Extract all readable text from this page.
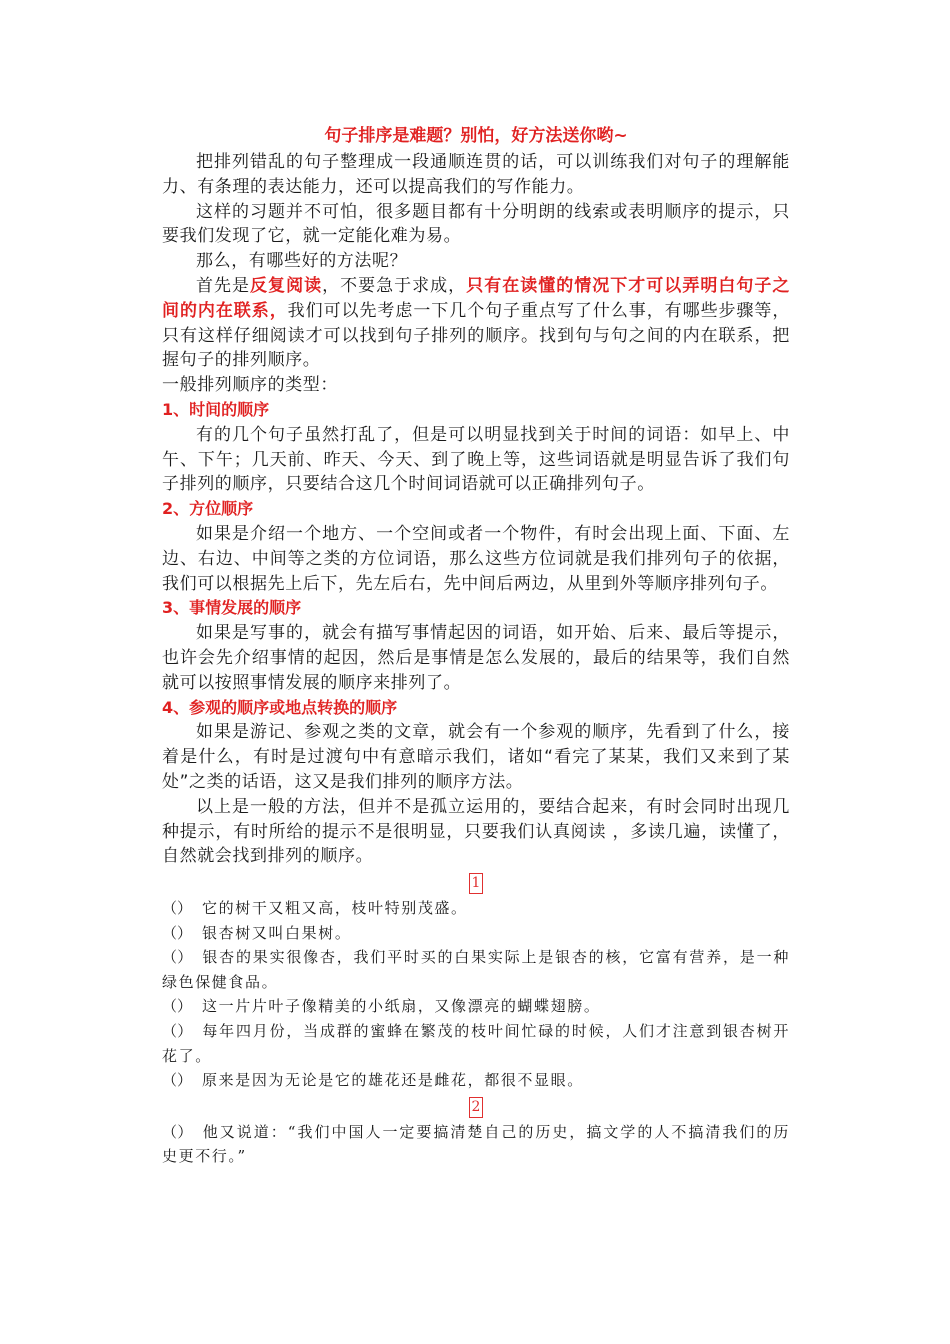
句子排序是难题？别怕，好方法送你哟~

把排列错乱的句子整理成一段通顺连贯的话，可以训练我们对句子的理解能力、有条理的表达能力，还可以提高我们的写作能力。

这样的习题并不可怕，很多题目都有十分明朗的线索或表明顺序的提示，只要我们发现了它，就一定能化难为易。

那么，有哪些好的方法呢？

首先是反复阅读，不要急于求成，只有在读懂的情况下才可以弄明白句子之间的内在联系，我们可以先考虑一下几个句子重点写了什么事，有哪些步骤等，只有这样仔细阅读才可以找到句子排列的顺序。找到句与句之间的内在联系，把握句子的排列顺序。

一般排列顺序的类型：

1、时间的顺序

有的几个句子虽然打乱了，但是可以明显找到关于时间的词语：如早上、中午、下午；几天前、昨天、今天、到了晚上等，这些词语就是明显告诉了我们句子排列的顺序，只要结合这几个时间词语就可以正确排列句子。

2、方位顺序

如果是介绍一个地方、一个空间或者一个物件，有时会出现上面、下面、左边、右边、中间等之类的方位词语，那么这些方位词就是我们排列句子的依据，我们可以根据先上后下，先左后右，先中间后两边，从里到外等顺序排列句子。

3、事情发展的顺序

如果是写事的，就会有描写事情起因的词语，如开始、后来、最后等提示，也许会先介绍事情的起因，然后是事情是怎么发展的，最后的结果等，我们自然就可以按照事情发展的顺序来排列了。

4、参观的顺序或地点转换的顺序

如果是游记、参观之类的文章，就会有一个参观的顺序，先看到了什么，接着是什么，有时是过渡句中有意暗示我们，诸如“看完了某某，我们又来到了某处”之类的话语，这又是我们排列的顺序方法。

以上是一般的方法，但并不是孤立运用的，要结合起来，有时会同时出现几种提示，有时所给的提示不是很明显，只要我们认真阅读 ，多读几遍，读懂了，自然就会找到排列的顺序。

1

（） 它的树干又粗又高，枝叶特别茂盛。

（） 银杏树又叫白果树。

（） 银杏的果实很像杏，我们平时买的白果实际上是银杏的核，它富有营养，是一种绿色保健食品。

（） 这一片片叶子像精美的小纸扇，又像漂亮的蝴蝶翅膀。

（） 每年四月份，当成群的蜜蜂在繁茂的枝叶间忙碌的时候，人们才注意到银杏树开花了。

（） 原来是因为无论是它的雄花还是雌花，都很不显眼。

2

（） 他又说道：“我们中国人一定要搞清楚自己的历史，搞文学的人不搞清我们的历史更不行。”
